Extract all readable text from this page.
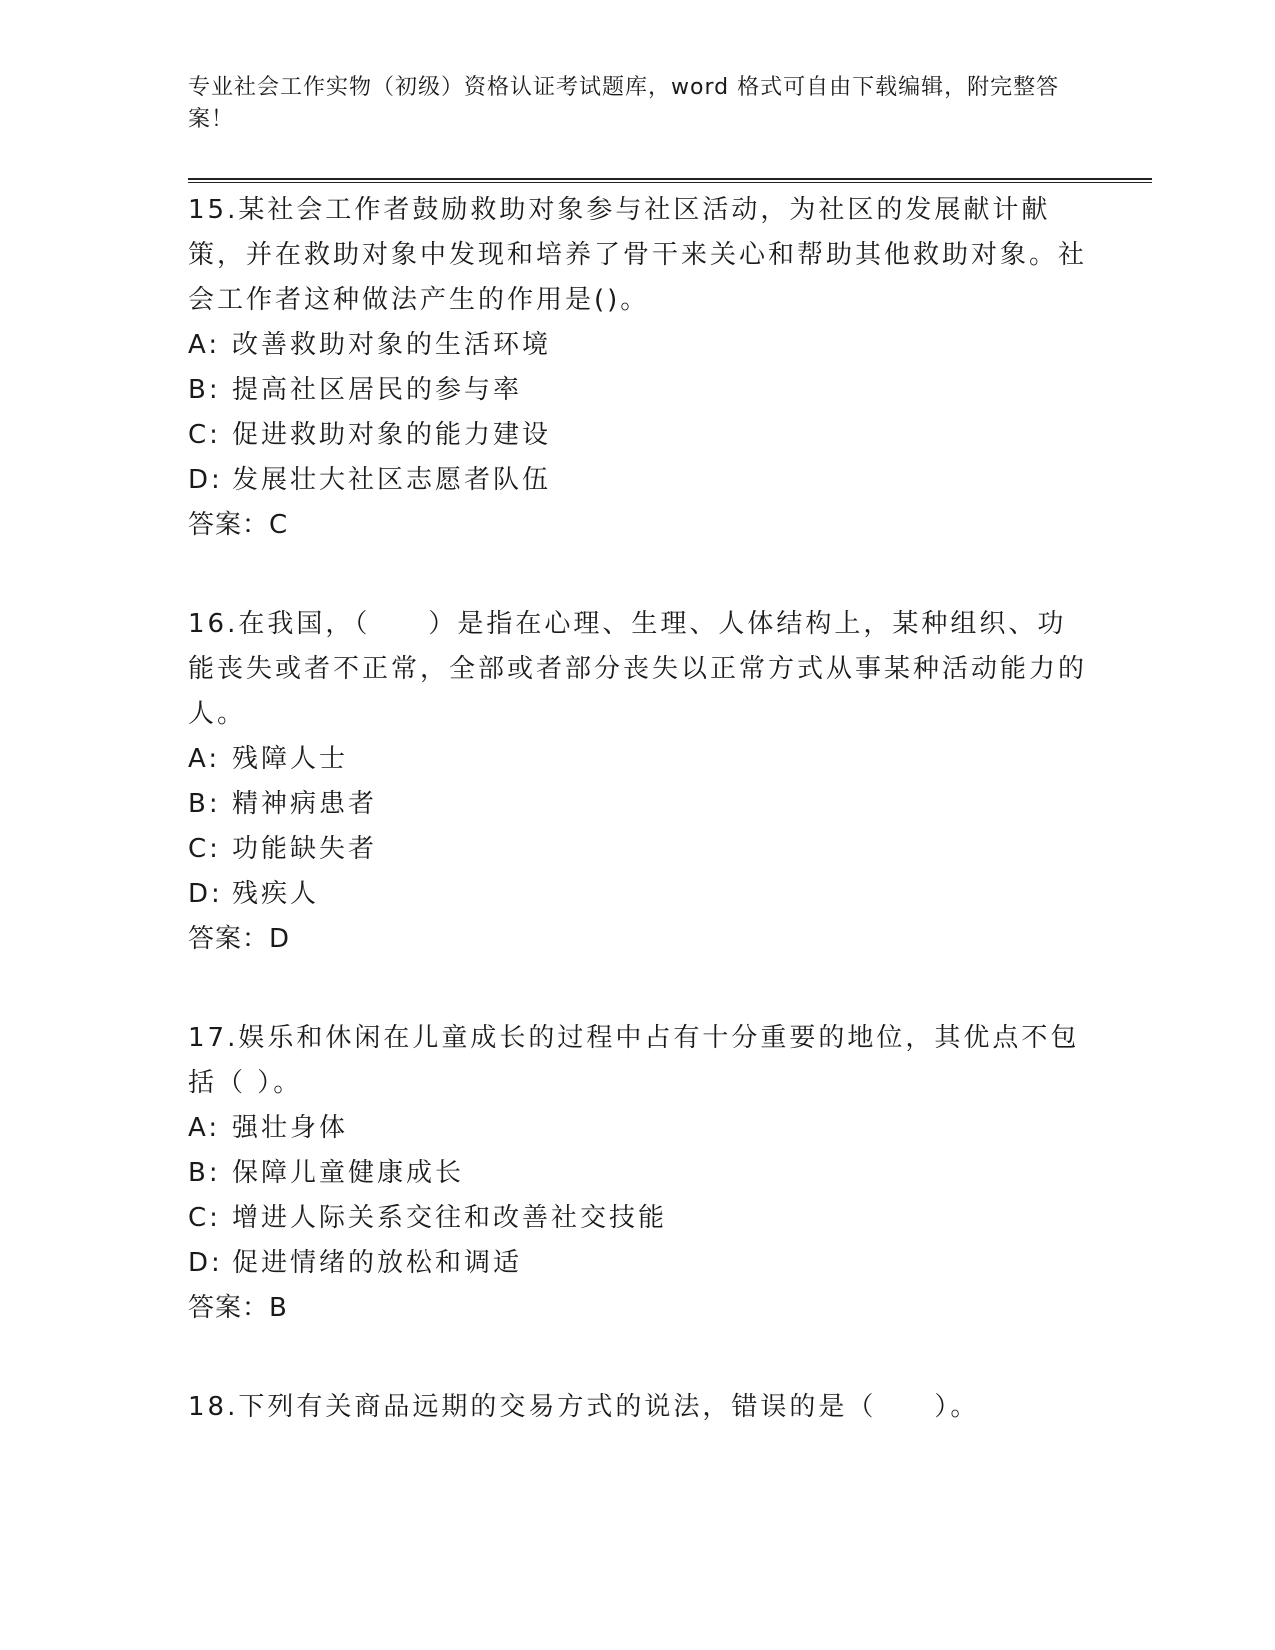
专业社会工作实物（初级）资格认证考试题库，word 格式可自由下载编辑，附完整答案！

15.某社会工作者鼓励救助对象参与社区活动，为社区的发展献计献策，并在救助对象中发现和培养了骨干来关心和帮助其他救助对象。社会工作者这种做法产生的作用是()。

A: 改善救助对象的生活环境
B: 提高社区居民的参与率
C: 促进救助对象的能力建设
D: 发展壮大社区志愿者队伍
答案：C

16.在我国，（　　）是指在心理、生理、人体结构上，某种组织、功能丧失或者不正常，全部或者部分丧失以正常方式从事某种活动能力的人。

A: 残障人士
B: 精神病患者
C: 功能缺失者
D: 残疾人
答案：D

17.娱乐和休闲在儿童成长的过程中占有十分重要的地位，其优点不包括（ ）。

A: 强壮身体
B: 保障儿童健康成长
C: 增进人际关系交往和改善社交技能
D: 促进情绪的放松和调适
答案：B

18.下列有关商品远期的交易方式的说法，错误的是（　　）。
